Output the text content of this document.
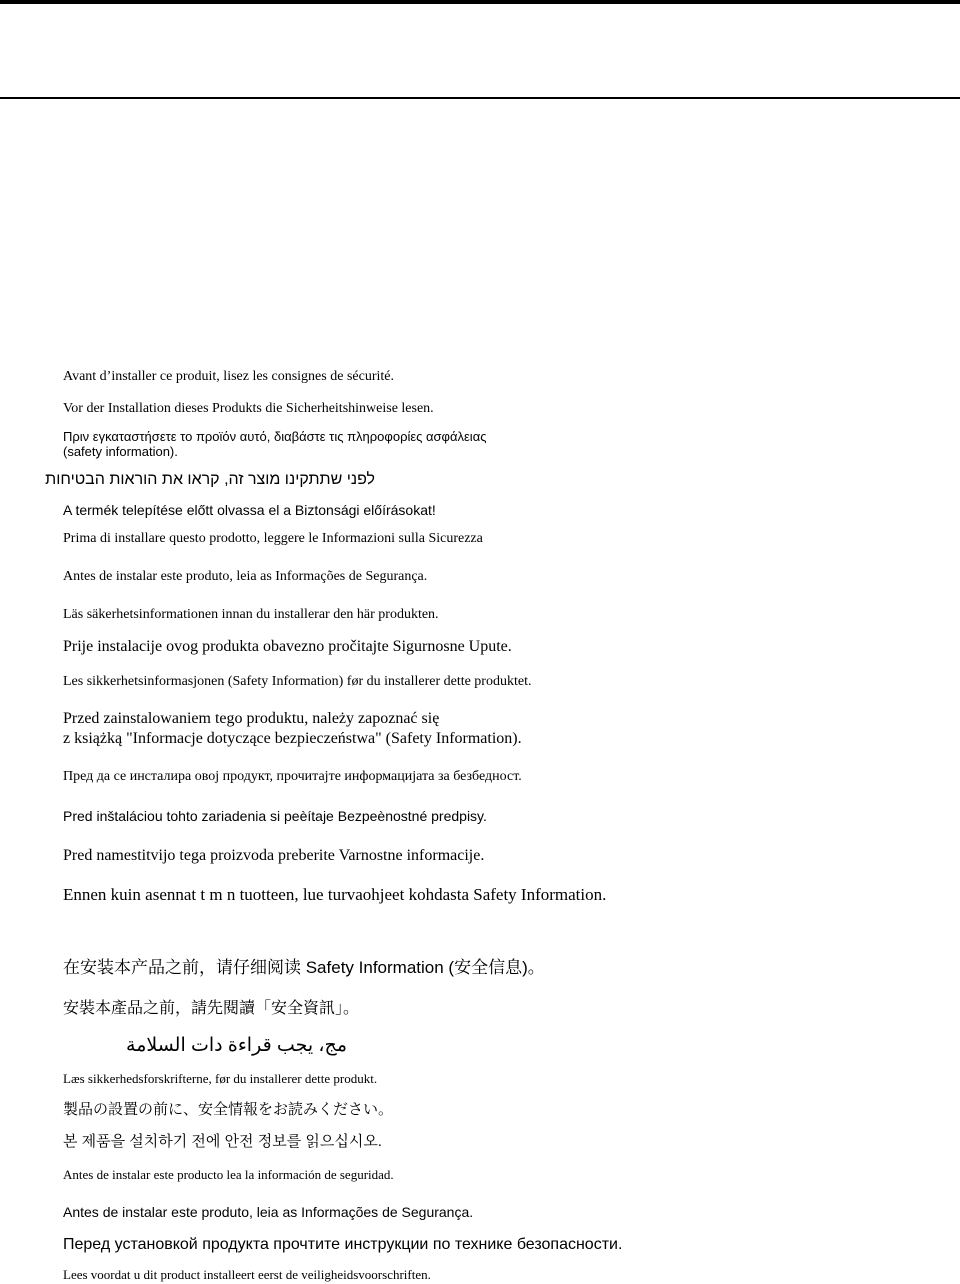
Avant d’installer ce produit, lisez les consignes de sécurité.
Vor der Installation dieses Produkts die Sicherheitshinweise lesen.
Πριν εγκαταστήσετε το προϊόν αυτό, διαβάστε τις πληροφορίες ασφάλειας
(safety information).
לפני שתתקינו מוצר זה, קראו את הוראות הבטיחות
A termék telepítése előtt olvassa el a Biztonsági előírásokat!
Prima di installare questo prodotto, leggere le Informazioni sulla Sicurezza
Antes de instalar este produto, leia as Informações de Segurança.
Läs säkerhetsinformationen innan du installerar den här produkten.
Prije instalacije ovog produkta obavezno pročitajte Sigurnosne Upute.
Les sikkerhetsinformasjonen (Safety Information) før du installerer dette produktet.
Przed zainstalowaniem tego produktu, należy zapoznać się
z książką "Informacje dotyczące bezpieczeństwa" (Safety Information).
Пред да се инсталира овој продукт, прочитајте информацијата за безбедност.
Pred inštaláciou tohto zariadenia si peèítaje Bezpeènostné predpisy.
Pred namestitvijo tega proizvoda preberite Varnostne informacije.
Ennen kuin asennat t m n tuotteen, lue turvaohjeet kohdasta Safety Information.
在安装本产品之前，请仔细阅读 Safety Information (安全信息)。
安裝本產品之前，請先閱讀「安全資訊」。
مج، يجب قراءة دات السلامة
Læs sikkerhedsforskrifterne, før du installerer dette produkt.
製品の設置の前に、安全情報をお読みください。
본 제품을 설치하기 전에 안전 정보를 읽으십시오.
Antes de instalar este producto lea la información de seguridad.
Antes de instalar este produto, leia as Informações de Segurança.
Перед установкой продукта прочтите инструкции по технике безопасности.
Lees voordat u dit product installeert eerst de veiligheidsvoorschriften.
